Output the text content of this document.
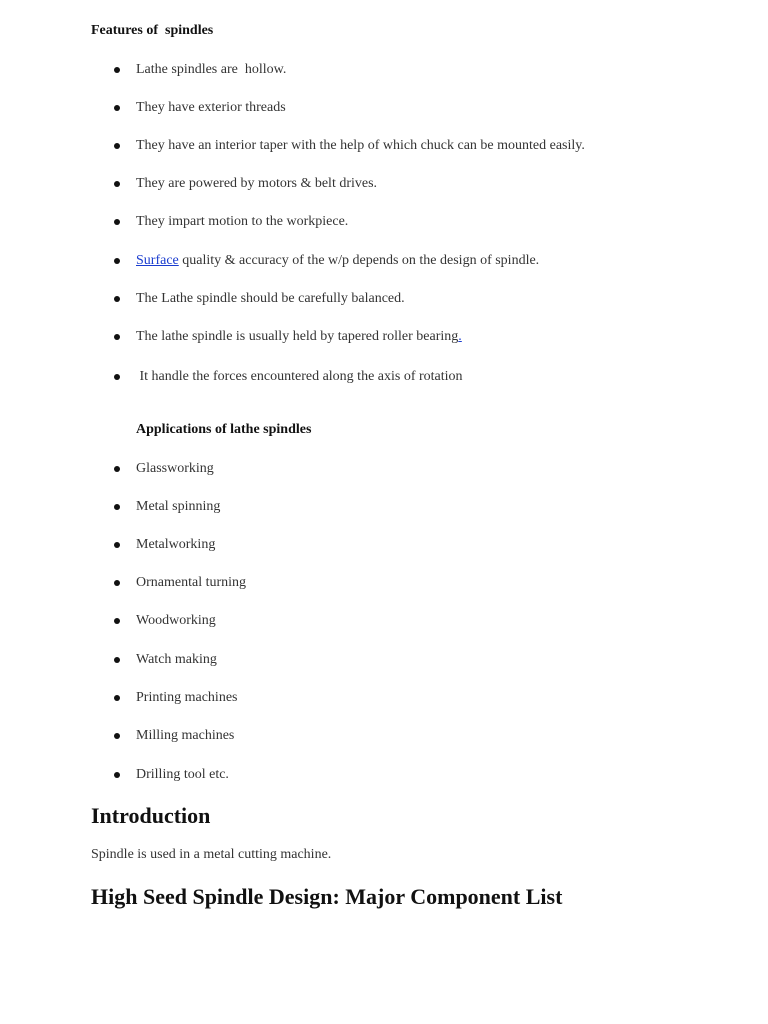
Features of  spindles

Lathe spindles are  hollow.

They have exterior threads

They have an interior taper with the help of which chuck can be mounted easily.

They are powered by motors & belt drives.

They impart motion to the workpiece.

Surface quality & accuracy of the w/p depends on the design of spindle.

The Lathe spindle should be carefully balanced.

The lathe spindle is usually held by tapered roller bearing.

It handle the forces encountered along the axis of rotation

Applications of lathe spindles

Glassworking

Metal spinning

Metalworking

Ornamental turning

Woodworking

Watch making

Printing machines

Milling machines

Drilling tool etc.

Introduction
Spindle is used in a metal cutting machine.
High Seed Spindle Design: Major Component List
